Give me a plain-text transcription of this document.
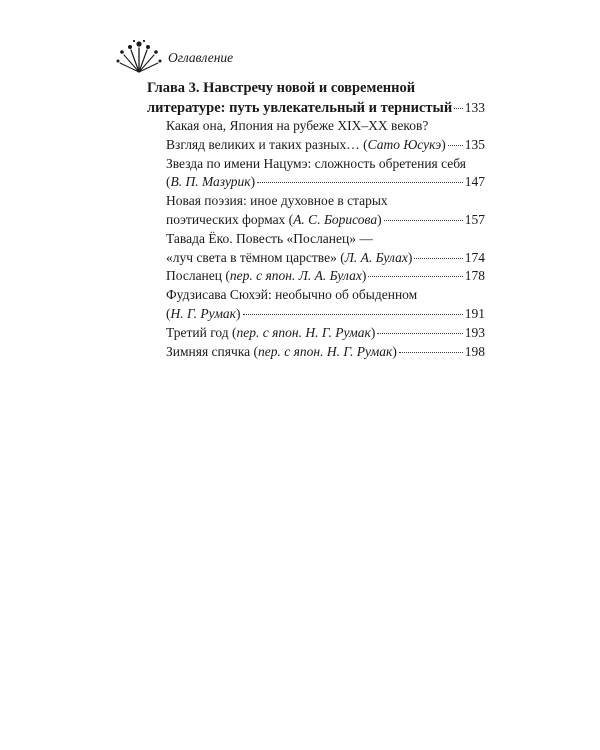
Оглавление
Глава 3. Навстречу новой и современной
литературе: путь увлекательный и тернистый 133
Какая она, Япония на рубеже XIX–XX веков?
Взгляд великих и таких разных… (Сато Юсукэ) 135
Звезда по имени Нацумэ: сложность обретения себя
(В. П. Мазурик)	147
Новая поэзия: иное духовное в старых
поэтических формах (А. С. Борисова)	157
Тавада Ёко. Повесть «Посланец» —
«луч света в тёмном царстве» (Л. А. Булах)	174
Посланец (пер. с япон. Л. А. Булах)	178
Фудзисава Сюхэй: необычно об обыденном
(Н. Г. Румак)	191
Третий год (пер. с япон. Н. Г. Румак)	193
Зимняя спячка (пер. с япон. Н. Г. Румак)	198
